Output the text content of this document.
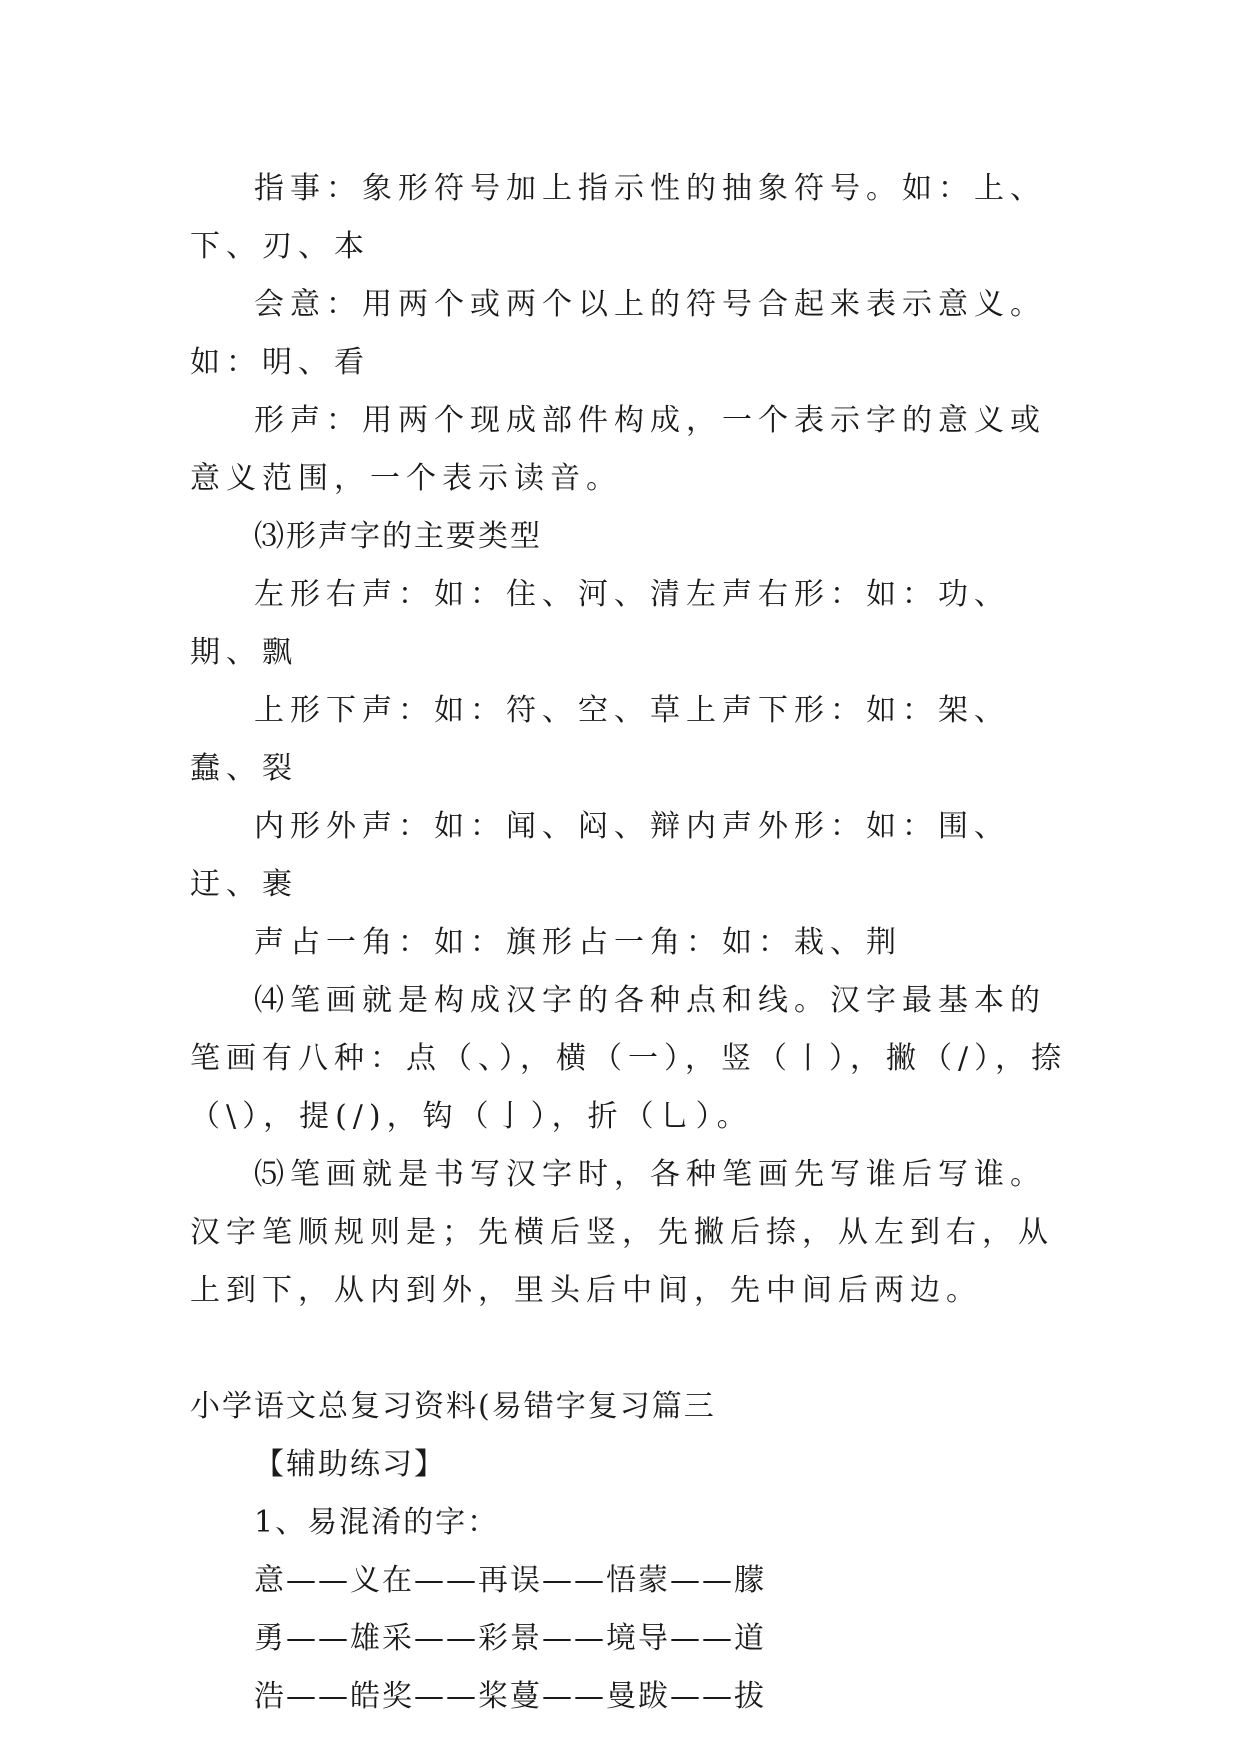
指事：象形符号加上指示性的抽象符号。如：上、下、刃、本

会意：用两个或两个以上的符号合起来表示意义。如：明、看

形声：用两个现成部件构成，一个表示字的意义或意义范围，一个表示读音。

⑶形声字的主要类型

左形右声：如：住、河、清左声右形：如：功、期、飘

上形下声：如：符、空、草上声下形：如：架、蠢、裂

内形外声：如：闻、闷、辩内声外形：如：围、迂、裹

声占一角：如：旗形占一角：如：栽、荆

⑷笔画就是构成汉字的各种点和线。汉字最基本的笔画有八种：点（、），横（一），竖（丨），撇（/），捺（\），提(/)，钩（亅），折（乚）。

⑸笔画就是书写汉字时，各种笔画先写谁后写谁。汉字笔顺规则是；先横后竖，先撇后捺，从左到右，从上到下，从内到外，里头后中间，先中间后两边。

小学语文总复习资料(易错字复习篇三

【辅助练习】

1、易混淆的字：

意——义在——再误——悟蒙——朦

勇——雄采——彩景——境导——道

浩——皓奖——桨蔓——曼跋——拔
